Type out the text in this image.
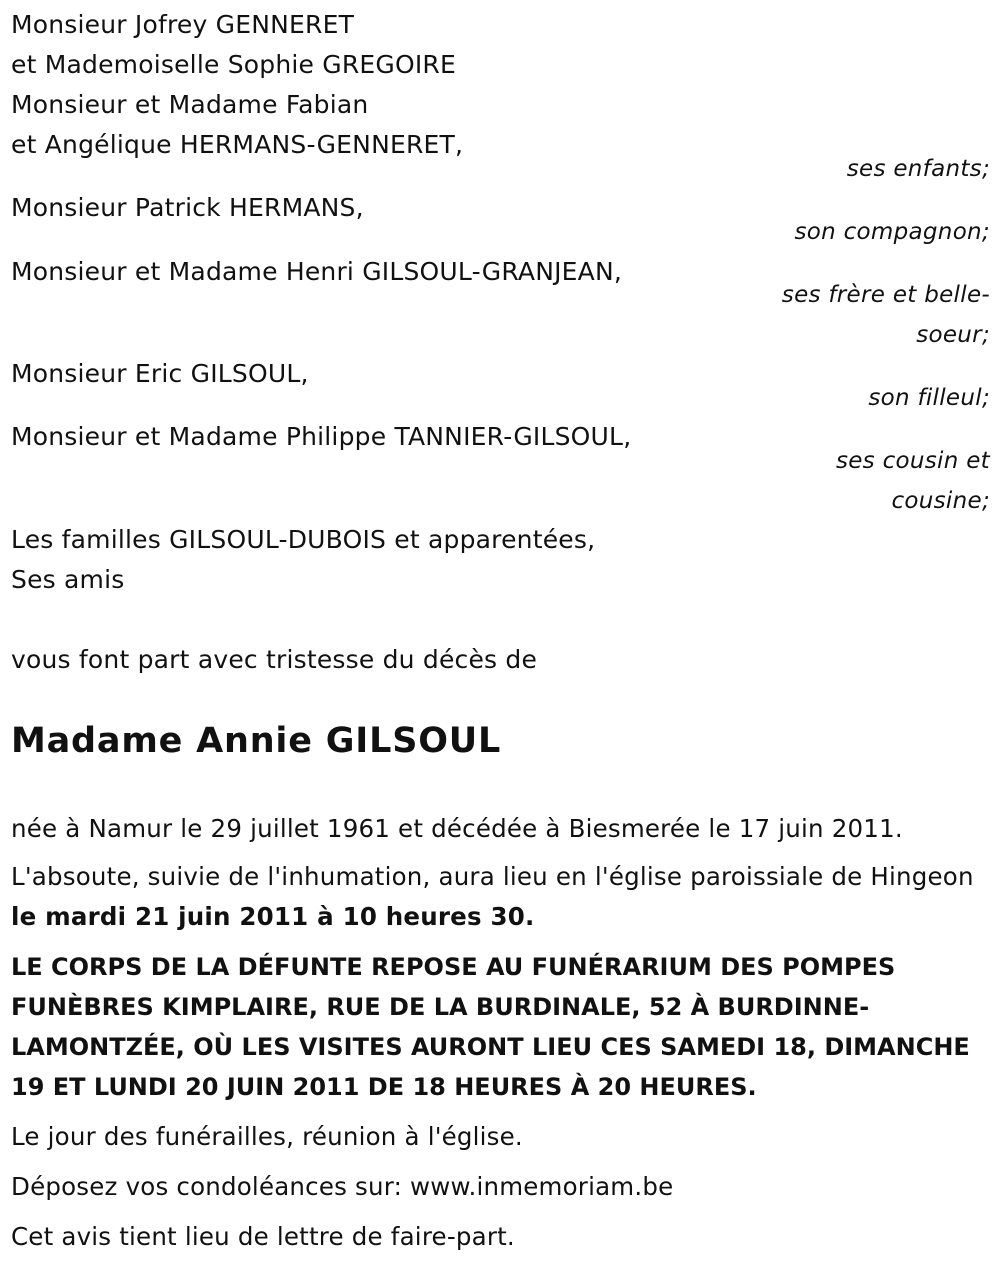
Monsieur Jofrey GENNERET
et Mademoiselle Sophie GREGOIRE
Monsieur et Madame Fabian
et Angélique HERMANS-GENNERET,
ses enfants;
Monsieur Patrick HERMANS,
son compagnon;
Monsieur et Madame Henri GILSOUL-GRANJEAN,
ses frère et belle-
soeur;
Monsieur Eric GILSOUL,
son filleul;
Monsieur et Madame Philippe TANNIER-GILSOUL,
ses cousin et
cousine;
Les familles GILSOUL-DUBOIS et apparentées,
Ses amis
vous font part avec tristesse du décès de
Madame Annie GILSOUL
née à Namur le 29 juillet 1961 et décédée à Biesmerée le 17 juin 2011.
L'absoute, suivie de l'inhumation, aura lieu en l'église paroissiale de Hingeon le mardi 21 juin 2011 à 10 heures 30.
LE CORPS DE LA DÉFUNTE REPOSE AU FUNÉRARIUM DES POMPES FUNÈBRES KIMPLAIRE, RUE DE LA BURDINALE, 52 À BURDINNE-LAMONTZÉE, OÙ LES VISITES AURONT LIEU CES SAMEDI 18, DIMANCHE 19 ET LUNDI 20 JUIN 2011 DE 18 HEURES À 20 HEURES.
Le jour des funérailles, réunion à l'église.
Déposez vos condoléances sur: www.inmemoriam.be
Cet avis tient lieu de lettre de faire-part.
